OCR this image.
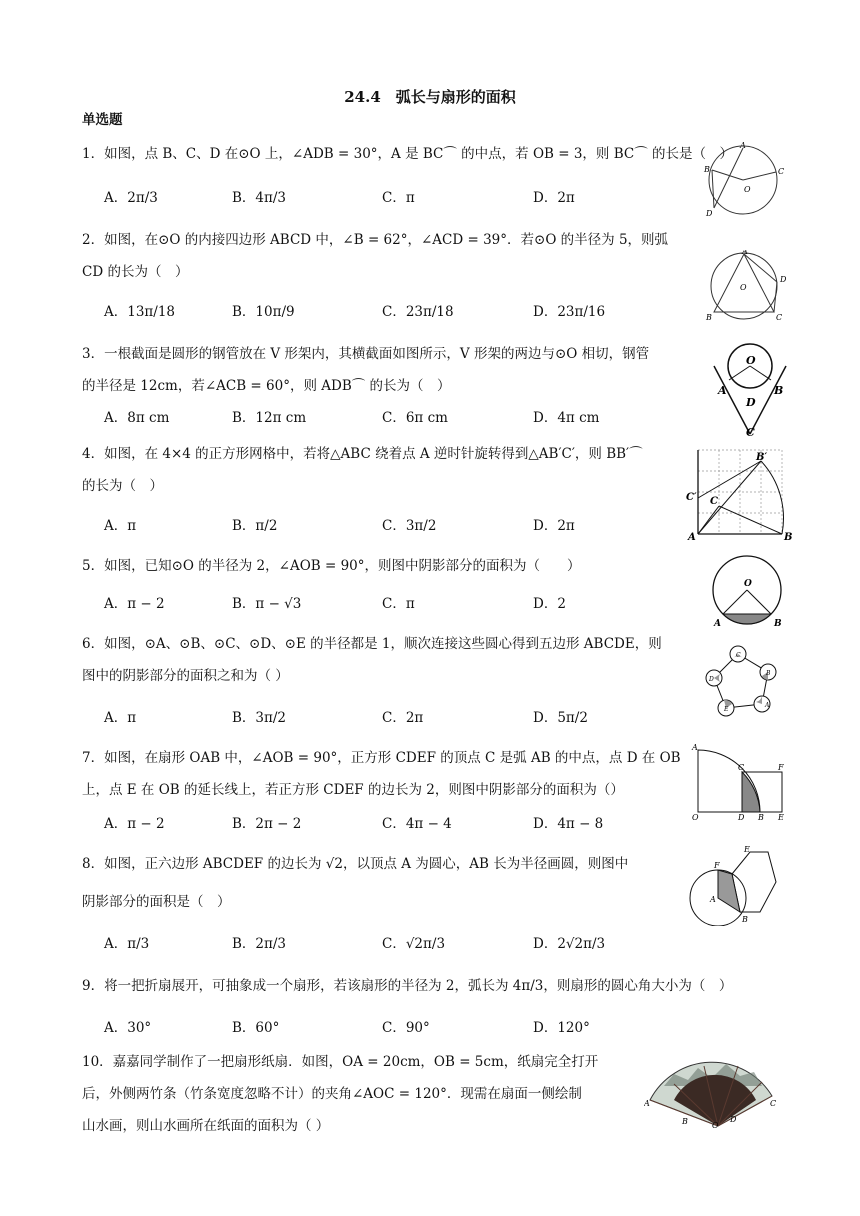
24.4　弧长与扇形的面积
单选题
1．如图，点 B、C、D 在⊙O 上，∠ADB = 30°，A 是 BC⌒ 的中点，若 OB = 3，则 BC⌒ 的长是（　）
A．2π/3	B．4π/3	C．π	D．2π
2．如图，在⊙O 的内接四边形 ABCD 中，∠B = 62°，∠ACD = 39°．若⊙O 的半径为 5，则弧
CD 的长为（　）
A．13π/18	B．10π/9	C．23π/18	D．23π/16
3．一根截面是圆形的钢管放在 V 形架内，其横截面如图所示，V 形架的两边与⊙O 相切，钢管
的半径是 12cm，若∠ACB = 60°，则 ADB⌒ 的长为（　）
A．8π cm	B．12π cm	C．6π cm	D．4π cm
4．如图，在 4×4 的正方形网格中，若将△ABC 绕着点 A 逆时针旋转得到△AB′C′，则 BB′⌒
的长为（　）
A．π	B．π/2	C．3π/2	D．2π
5．如图，已知⊙O 的半径为 2，∠AOB = 90°，则图中阴影部分的面积为（　　）
A．π − 2	B．π − √3	C．π	D．2
6．如图，⊙A、⊙B、⊙C、⊙D、⊙E 的半径都是 1，顺次连接这些圆心得到五边形 ABCDE，则
图中的阴影部分的面积之和为（ ）
A．π	B．3π/2	C．2π	D．5π/2
7．如图，在扇形 OAB 中，∠AOB = 90°，正方形 CDEF 的顶点 C 是弧 AB 的中点，点 D 在 OB
上，点 E 在 OB 的延长线上，若正方形 CDEF 的边长为 2，则图中阴影部分的面积为（）
A．π − 2	B．2π − 2	C．4π − 4	D．4π − 8
8．如图，正六边形 ABCDEF 的边长为 √2，以顶点 A 为圆心，AB 长为半径画圆，则图中
阴影部分的面积是（　）
A．π/3	B．2π/3	C．√2π/3	D．2√2π/3
9．将一把折扇展开，可抽象成一个扇形，若该扇形的半径为 2，弧长为 4π/3，则扇形的圆心角大小为（　）
A．30°	B．60°	C．90°	D．120°
10．嘉嘉同学制作了一把扇形纸扇．如图，OA = 20cm，OB = 5cm，纸扇完全打开
后，外侧两竹条（竹条宽度忽略不计）的夹角∠AOC = 120°．现需在扇面一侧绘制
山水画，则山水画所在纸面的面积为（ ）
A
B	C
D
O
A
B	C
D
O
O
A	B
D
C
B′
C′ C
A	B
O
A	B
C
B
A
E
D
A
C	F
O	D B E
E
F
A
B
A
B	O
D
C
